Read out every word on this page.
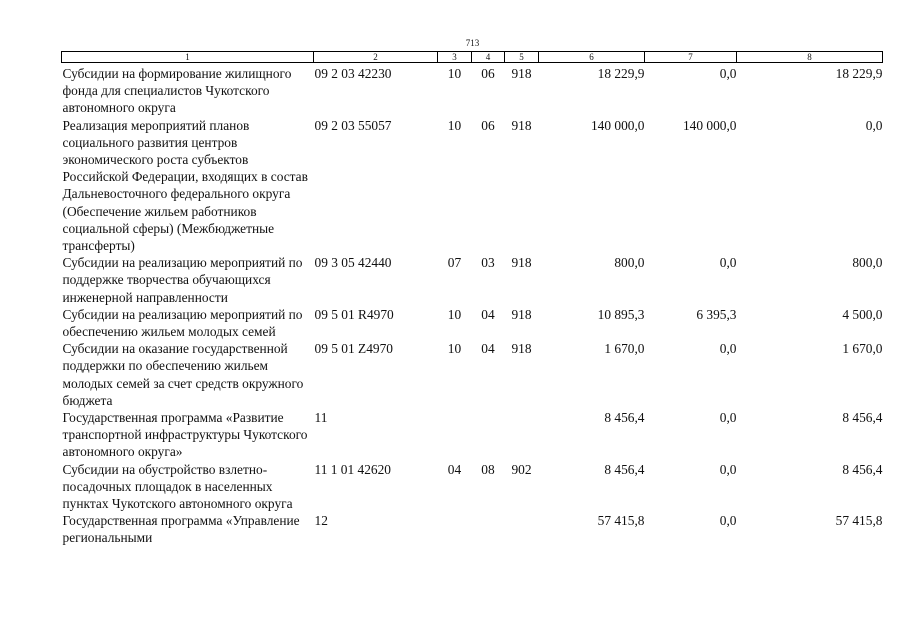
713
1	2	3	4	5	6	7	8
Субсидии на формирование жилищного фонда для специалистов Чукотского автономного округа	09 2 03 42230	10	06	918	18 229,9	0,0	18 229,9
Реализация мероприятий планов социального развития центров экономического роста субъектов Российской Федерации, входящих в состав Дальневосточного федерального округа (Обеспечение жильем работников социальной сферы) (Межбюджетные трансферты)	09 2 03 55057	10	06	918	140 000,0	140 000,0	0,0
Субсидии на реализацию мероприятий по поддержке творчества обучающихся инженерной направленности	09 3 05 42440	07	03	918	800,0	0,0	800,0
Субсидии на реализацию мероприятий по обеспечению жильем молодых семей	09 5 01 R4970	10	04	918	10 895,3	6 395,3	4 500,0
Субсидии на оказание государственной поддержки по обеспечению жильем молодых семей за счет средств окружного бюджета	09 5 01 Z4970	10	04	918	1 670,0	0,0	1 670,0
Государственная программа «Развитие транспортной инфраструктуры Чукотского автономного округа»	11				8 456,4	0,0	8 456,4
Субсидии на обустройство взлетно-посадочных площадок в населенных пунктах Чукотского автономного округа	11 1 01 42620	04	08	902	8 456,4	0,0	8 456,4
Государственная программа «Управление региональными	12				57 415,8	0,0	57 415,8
